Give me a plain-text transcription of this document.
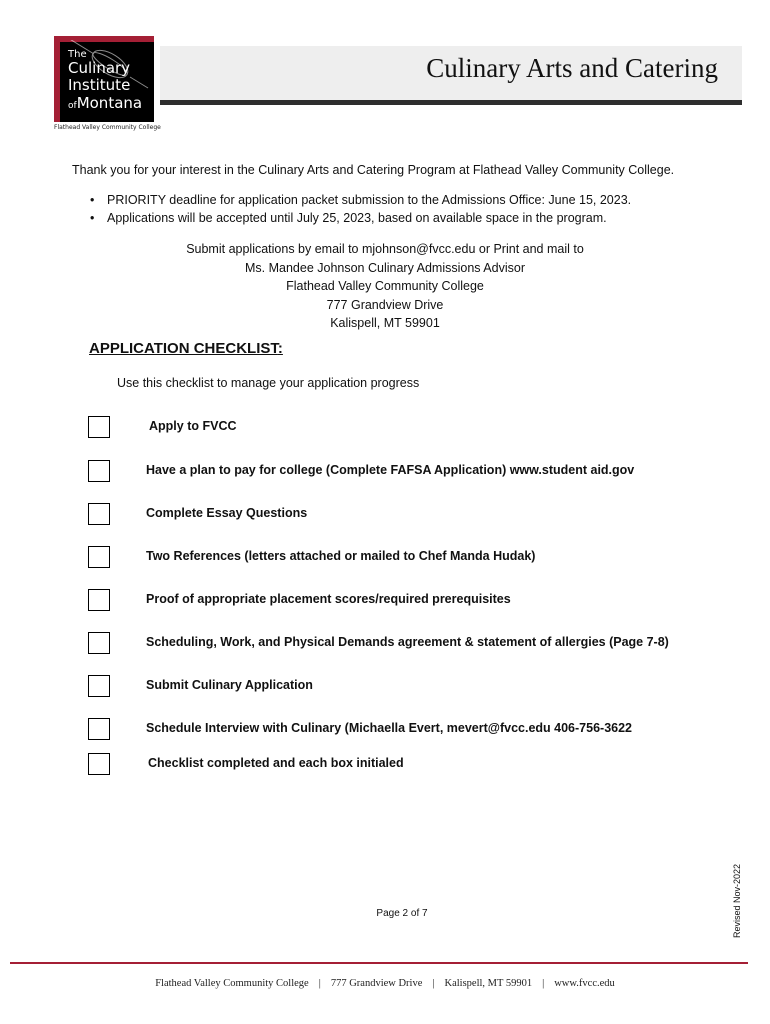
The
Culinary
Institute
ofMontana
Flathead Valley Community College
Culinary Arts and Catering
Thank you for your interest in the Culinary Arts and Catering Program at Flathead Valley Community College.
• PRIORITY deadline for application packet submission to the Admissions Office: June 15, 2023.
• Applications will be accepted until July 25, 2023, based on available space in the program.
Submit applications by email to mjohnson@fvcc.edu or Print and mail to
Ms. Mandee Johnson Culinary Admissions Advisor
Flathead Valley Community College
777 Grandview Drive
Kalispell, MT 59901
APPLICATION CHECKLIST:
Use this checklist to manage your application progress
Apply to FVCC
Have a plan to pay for college (Complete FAFSA Application) www.student aid.gov
Complete Essay Questions
Two References (letters attached or mailed to Chef Manda Hudak)
Proof of appropriate placement scores/required prerequisites
Scheduling, Work, and Physical Demands agreement & statement of allergies (Page 7-8)
Submit Culinary Application
Schedule Interview with Culinary (Michaella Evert, mevert@fvcc.edu 406-756-3622
Checklist completed and each box initialed
Page 2 of 7	Revised Nov-2022
Flathead Valley Community College | 777 Grandview Drive | Kalispell, MT 59901 | www.fvcc.edu
